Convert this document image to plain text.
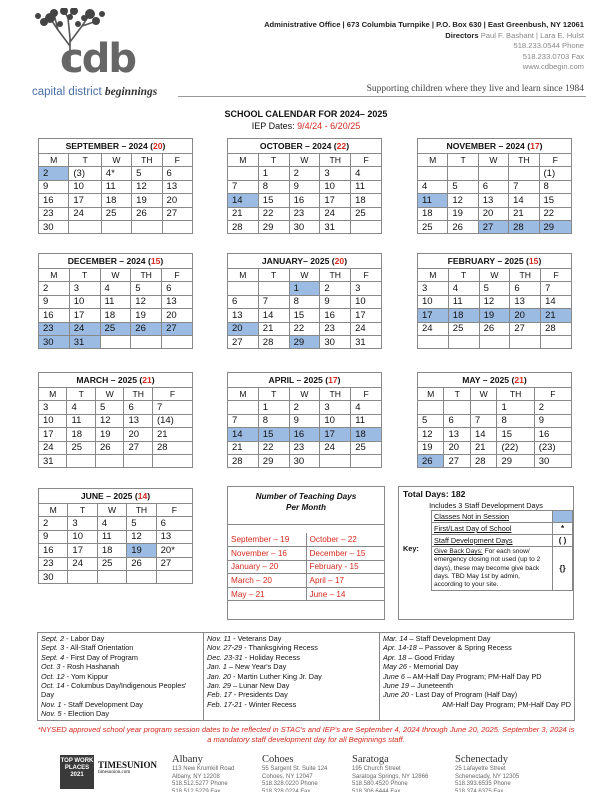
cdb
capital district beginnings
Administrative Office | 673 Columbia Turnpike | P.O. Box 630 | East Greenbush, NY 12061
Directors Paul F. Bashant | Lara E. Hulst
518.233.0544 Phone
518.233.0703 Fax
www.cdbegin.com
Supporting children where they live and learn since 1984
SCHOOL CALENDAR FOR 2024– 2025
IEP Dates: 9/4/24 - 6/20/25
SEPTEMBER – 2024 (20)				
M	T	W	TH	F
2	(3)	4*	5	6
9	10	11	12	13
16	17	18	19	20
23	24	25	26	27
30				
OCTOBER – 2024 (22)				
M	T	W	TH	F
	1	2	3	4
7	8	9	10	11
14	15	16	17	18
21	22	23	24	25
28	29	30	31	
NOVEMBER – 2024 (17)				
M	T	W	TH	F
				(1)
4	5	6	7	8
11	12	13	14	15
18	19	20	21	22
25	26	27	28	29
DECEMBER – 2024 (15)				
M	T	W	TH	F
2	3	4	5	6
9	10	11	12	13
16	17	18	19	20
23	24	25	26	27
30	31			
JANUARY– 2025 (20)				
M	T	W	TH	F
		1	2	3
6	7	8	9	10
13	14	15	16	17
20	21	22	23	24
27	28	29	30	31
FEBRUARY – 2025 (15)				
M	T	W	TH	F
3	4	5	6	7
10	11	12	13	14
17	18	19	20	21
24	25	26	27	28

MARCH – 2025 (21)				
M	T	W	TH	F
3	4	5	6	7
10	11	12	13	(14)
17	18	19	20	21
24	25	26	27	28
31				
APRIL – 2025 (17)				
M	T	W	TH	F
	1	2	3	4
7	8	9	10	11
14	15	16	17	18
21	22	23	24	25
28	29	30		
MAY – 2025 (21)				
M	T	W	TH	F
			1	2
5	6	7	8	9
12	13	14	15	16
19	20	21	(22)	(23)
26	27	28	29	30
JUNE – 2025 (14)				
M	T	W	TH	F
2	3	4	5	6
9	10	11	12	13
16	17	18	19	20*
23	24	25	26	27
30				
Number of Teaching Days
Per Month
September – 19	October – 22
November – 16	December – 15
January – 20	February - 15
March – 20	April – 17
May – 21	June – 14
Total Days: 182
Includes 3 Staff Development Days
Key:
Classes Not in Session	
First/Last Day of School	*
Staff Development Days	( )
Give Back Days: For each snow/ emergency closing not used (up to 2 days), these may become give back days. TBD May 1st by admin, according to your site.	{}
Sept. 2 - Labor Day
Sept. 3 - All-Staff Orientation
Sept. 4 - First Day of Program
Oct. 3 - Rosh Hashanah
Oct. 12 - Yom Kippur
Oct. 14 - Columbus Day/Indigenous Peoples' Day
Nov. 1 - Staff Development Day
Nov. 5 - Election Day

Nov. 11 - Veterans Day
Nov. 27-29 - Thanksgiving Recess
Dec. 23-31 - Holiday Recess
Jan. 1 – New Year's Day
Jan. 20 - Martin Luther King Jr. Day
Jan. 29 – Lunar New Day
Feb. 17 - Presidents Day
Feb. 17-21 - Winter Recess

Mar. 14 – Staff Development Day
Apr. 14-18 – Passover & Spring Recess
Apr. 18 – Good Friday
May 26 - Memorial Day
June 6 – AM-Half Day Program; PM-Half Day PD
June 19 – Juneteenth
June 20 - Last Day of Program (Half Day)
AM-Half Day Program; PM-Half Day PD
*NYSED approved school year program session dates to be reflected in STAC's and IEP's are September 4, 2024 through June 20, 2025. September 3, 2024 is a mandatory staff development day for all Beginnings staff.
TOP WORK PLACES 2021
TIMESUNION
timesunion.com
Albany
113 New Krumkill Road
Albany, NY 12208
518.512.5277 Phone
518.512.5279 Fax
Cohoes
55 Sargent St. Suite 124
Cohoes, NY 12047
518.328.0220 Phone
518.328.0224 Fax
Saratoga
195 Church Street
Saratoga Springs, NY 12866
518.580.4520 Phone
518.306.6444 Fax
Schenectady
25 Lafayette Street
Schenectady, NY 12305
518.393.6535 Phone
518.374.6375 Fax
